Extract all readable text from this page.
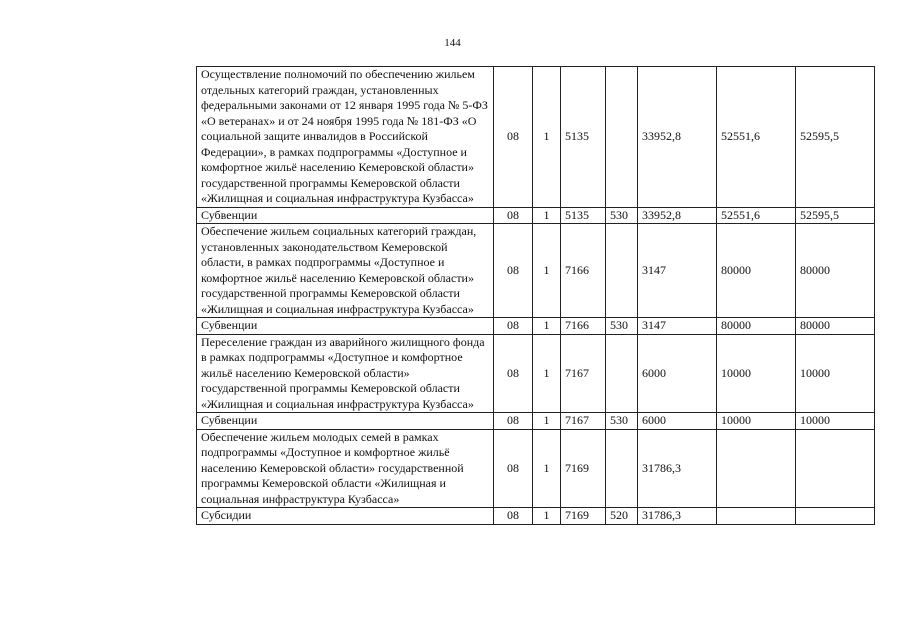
144
Осуществление полномочий по обеспечению жильем отдельных категорий граждан, установленных федеральными законами от 12 января 1995 года № 5-ФЗ «О ветеранах» и от 24 ноября 1995 года № 181-ФЗ «О социальной защите инвалидов в Российской Федерации», в рамках подпрограммы «Доступное и комфортное жильё населению Кемеровской области» государственной программы Кемеровской области «Жилищная и социальная инфраструктура Кузбасса»	08	1	5135		33952,8	52551,6	52595,5
Субвенции	08	1	5135	530	33952,8	52551,6	52595,5
Обеспечение жильем социальных категорий граждан, установленных законодательством Кемеровской области, в рамках подпрограммы «Доступное и комфортное жильё населению Кемеровской области» государственной программы Кемеровской области «Жилищная и социальная инфраструктура Кузбасса»	08	1	7166		3147	80000	80000
Субвенции	08	1	7166	530	3147	80000	80000
Переселение граждан из аварийного жилищного фонда в рамках подпрограммы «Доступное и комфортное жильё населению Кемеровской области» государственной программы Кемеровской области «Жилищная и социальная инфраструктура Кузбасса»	08	1	7167		6000	10000	10000
Субвенции	08	1	7167	530	6000	10000	10000
Обеспечение жильем молодых семей в рамках подпрограммы «Доступное и комфортное жильё населению Кемеровской области» государственной программы Кемеровской области «Жилищная и социальная инфраструктура Кузбасса»	08	1	7169		31786,3		
Субсидии	08	1	7169	520	31786,3		
